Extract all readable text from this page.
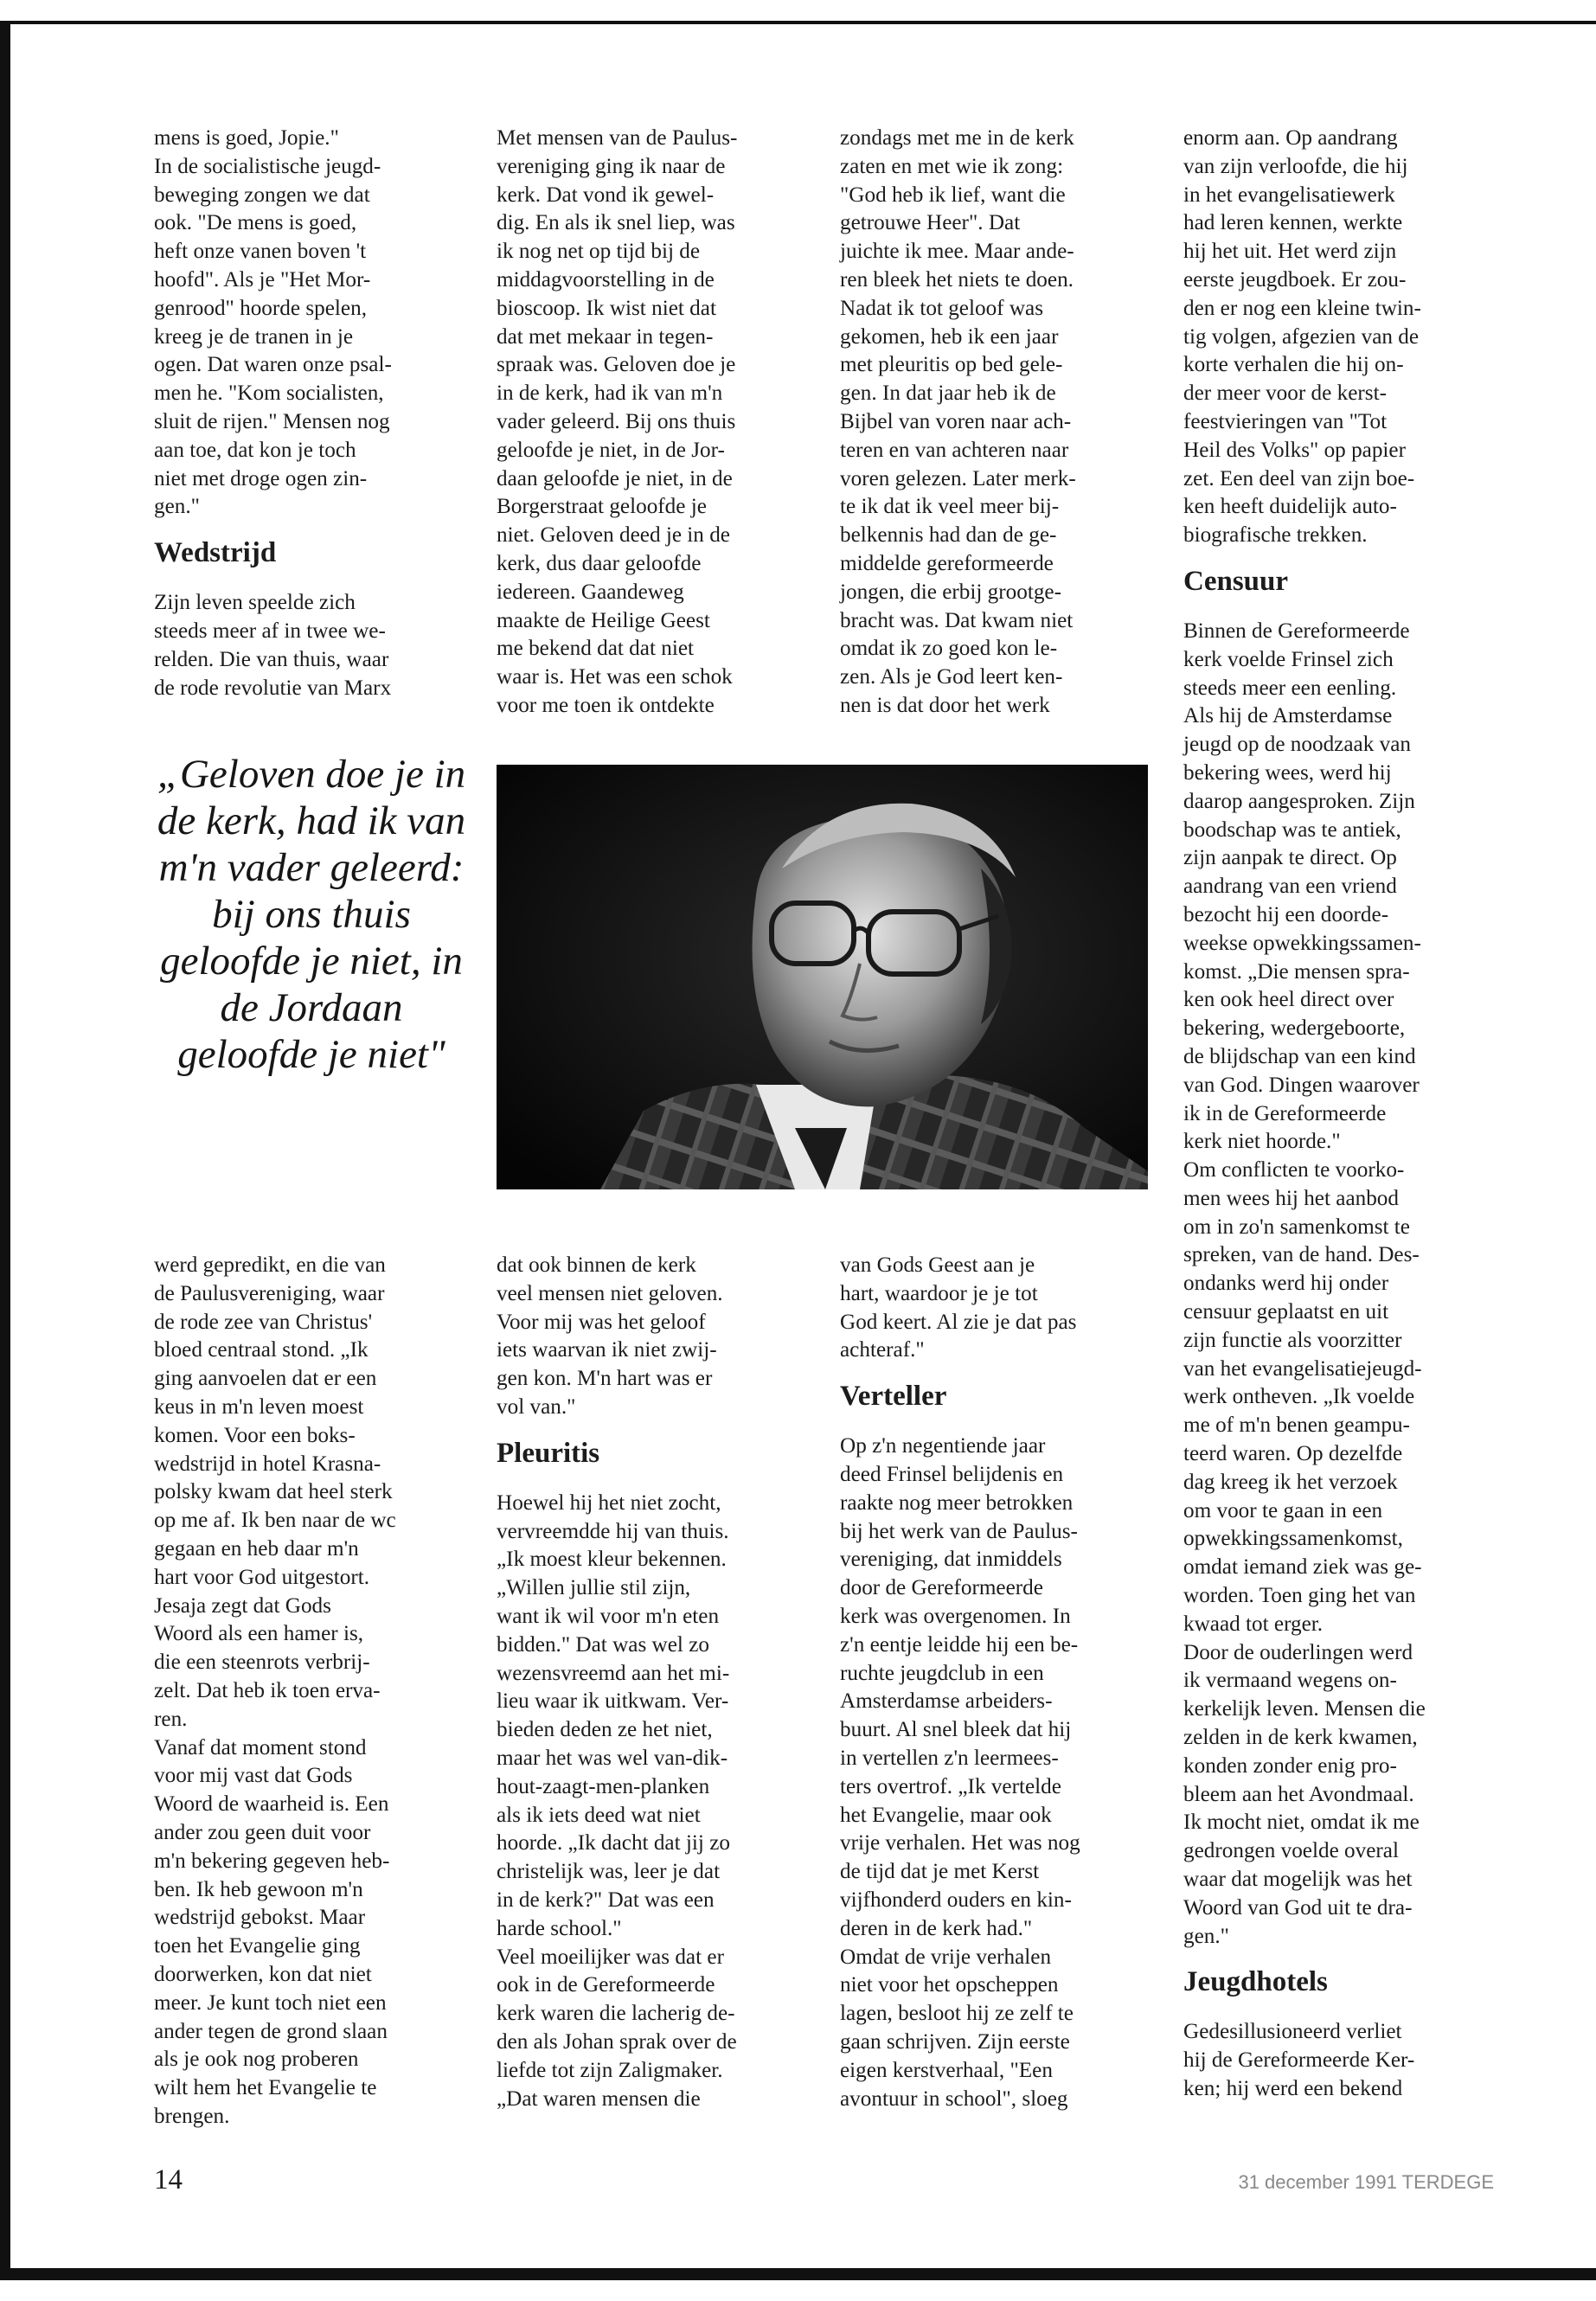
mens is goed, Jopie."
In de socialistische jeugd-
beweging zongen we dat
ook. "De mens is goed,
heft onze vanen boven 't
hoofd". Als je "Het Mor-
genrood" hoorde spelen,
kreeg je de tranen in je
ogen. Dat waren onze psal-
men he. "Kom socialisten,
sluit de rijen." Mensen nog
aan toe, dat kon je toch
niet met droge ogen zin-
gen."

Wedstrijd

Zijn leven speelde zich
steeds meer af in twee we-
relden. Die van thuis, waar
de rode revolutie van Marx

Met mensen van de Paulus-
vereniging ging ik naar de
kerk. Dat vond ik gewel-
dig. En als ik snel liep, was
ik nog net op tijd bij de
middagvoorstelling in de
bioscoop. Ik wist niet dat
dat met mekaar in tegen-
spraak was. Geloven doe je
in de kerk, had ik van m'n
vader geleerd. Bij ons thuis
geloofde je niet, in de Jor-
daan geloofde je niet, in de
Borgerstraat geloofde je
niet. Geloven deed je in de
kerk, dus daar geloofde
iedereen. Gaandeweg
maakte de Heilige Geest
me bekend dat dat niet
waar is. Het was een schok
voor me toen ik ontdekte

zondags met me in de kerk
zaten en met wie ik zong:
"God heb ik lief, want die
getrouwe Heer". Dat
juichte ik mee. Maar ande-
ren bleek het niets te doen.
Nadat ik tot geloof was
gekomen, heb ik een jaar
met pleuritis op bed gele-
gen. In dat jaar heb ik de
Bijbel van voren naar ach-
teren en van achteren naar
voren gelezen. Later merk-
te ik dat ik veel meer bij-
belkennis had dan de ge-
middelde gereformeerde
jongen, die erbij grootge-
bracht was. Dat kwam niet
omdat ik zo goed kon le-
zen. Als je God leert ken-
nen is dat door het werk

enorm aan. Op aandrang
van zijn verloofde, die hij
in het evangelisatiewerk
had leren kennen, werkte
hij het uit. Het werd zijn
eerste jeugdboek. Er zou-
den er nog een kleine twin-
tig volgen, afgezien van de
korte verhalen die hij on-
der meer voor de kerst-
feestvieringen van "Tot
Heil des Volks" op papier
zet. Een deel van zijn boe-
ken heeft duidelijk auto-
biografische trekken.

Censuur

Binnen de Gereformeerde
kerk voelde Frinsel zich
steeds meer een eenling.
Als hij de Amsterdamse
jeugd op de noodzaak van
bekering wees, werd hij
daarop aangesproken. Zijn
boodschap was te antiek,
zijn aanpak te direct. Op
aandrang van een vriend
bezocht hij een doorde-
weekse opwekkingssamen-
komst. „Die mensen spra-
ken ook heel direct over
bekering, wedergeboorte,
de blijdschap van een kind
van God. Dingen waarover
ik in de Gereformeerde
kerk niet hoorde."
Om conflicten te voorko-
men wees hij het aanbod
om in zo'n samenkomst te
spreken, van de hand. Des-
ondanks werd hij onder
censuur geplaatst en uit
zijn functie als voorzitter
van het evangelisatiejeugd-
werk ontheven. „Ik voelde
me of m'n benen geampu-
teerd waren. Op dezelfde
dag kreeg ik het verzoek
om voor te gaan in een
opwekkingssamenkomst,
omdat iemand ziek was ge-
worden. Toen ging het van
kwaad tot erger.
Door de ouderlingen werd
ik vermaand wegens on-
kerkelijk leven. Mensen die
zelden in de kerk kwamen,
konden zonder enig pro-
bleem aan het Avondmaal.
Ik mocht niet, omdat ik me
gedrongen voelde overal
waar dat mogelijk was het
Woord van God uit te dra-
gen."

Jeugdhotels

Gedesillusioneerd verliet
hij de Gereformeerde Ker-
ken; hij werd een bekend

„Geloven doe je in de kerk, had ik van m'n vader geleerd: bij ons thuis geloofde je niet, in de Jordaan geloofde je niet"

werd gepredikt, en die van
de Paulusvereniging, waar
de rode zee van Christus'
bloed centraal stond. „Ik
ging aanvoelen dat er een
keus in m'n leven moest
komen. Voor een boks-
wedstrijd in hotel Krasna-
polsky kwam dat heel sterk
op me af. Ik ben naar de wc
gegaan en heb daar m'n
hart voor God uitgestort.
Jesaja zegt dat Gods
Woord als een hamer is,
die een steenrots verbrij-
zelt. Dat heb ik toen erva-
ren.
Vanaf dat moment stond
voor mij vast dat Gods
Woord de waarheid is. Een
ander zou geen duit voor
m'n bekering gegeven heb-
ben. Ik heb gewoon m'n
wedstrijd gebokst. Maar
toen het Evangelie ging
doorwerken, kon dat niet
meer. Je kunt toch niet een
ander tegen de grond slaan
als je ook nog proberen
wilt hem het Evangelie te
brengen.

dat ook binnen de kerk
veel mensen niet geloven.
Voor mij was het geloof
iets waarvan ik niet zwij-
gen kon. M'n hart was er
vol van."

Pleuritis

Hoewel hij het niet zocht,
vervreemdde hij van thuis.
„Ik moest kleur bekennen.
„Willen jullie stil zijn,
want ik wil voor m'n eten
bidden." Dat was wel zo
wezensvreemd aan het mi-
lieu waar ik uitkwam. Ver-
bieden deden ze het niet,
maar het was wel van-dik-
hout-zaagt-men-planken
als ik iets deed wat niet
hoorde. „Ik dacht dat jij zo
christelijk was, leer je dat
in de kerk?" Dat was een
harde school."
Veel moeilijker was dat er
ook in de Gereformeerde
kerk waren die lacherig de-
den als Johan sprak over de
liefde tot zijn Zaligmaker.
„Dat waren mensen die

van Gods Geest aan je
hart, waardoor je je tot
God keert. Al zie je dat pas
achteraf."

Verteller

Op z'n negentiende jaar
deed Frinsel belijdenis en
raakte nog meer betrokken
bij het werk van de Paulus-
vereniging, dat inmiddels
door de Gereformeerde
kerk was overgenomen. In
z'n eentje leidde hij een be-
ruchte jeugdclub in een
Amsterdamse arbeiders-
buurt. Al snel bleek dat hij
in vertellen z'n leermees-
ters overtrof. „Ik vertelde
het Evangelie, maar ook
vrije verhalen. Het was nog
de tijd dat je met Kerst
vijfhonderd ouders en kin-
deren in de kerk had."
Omdat de vrije verhalen
niet voor het opscheppen
lagen, besloot hij ze zelf te
gaan schrijven. Zijn eerste
eigen kerstverhaal, "Een
avontuur in school", sloeg

14	31 december 1991 TERDEGE
